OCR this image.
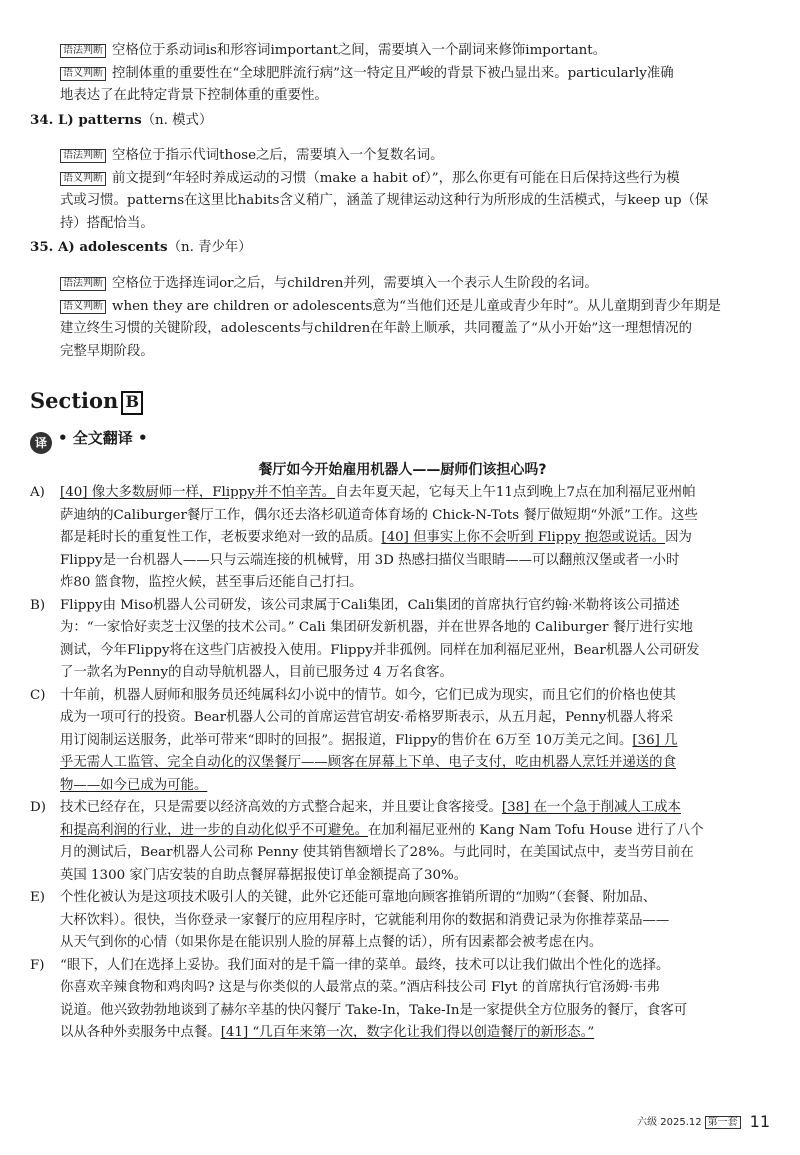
语法判断 空格位于系动词is和形容词important之间，需要填入一个副词来修饰important。

语义判断 控制体重的重要性在“全球肥胖流行病”这一特定且严峻的背景下被凸显出来。particularly准确

地表达了在此特定背景下控制体重的重要性。

34. L) patterns（n. 模式）

语法判断 空格位于指示代词those之后，需要填入一个复数名词。

语义判断 前文提到“年轻时养成运动的习惯（make a habit of）”，那么你更有可能在日后保持这些行为模

式或习惯。patterns在这里比habits含义稍广，涵盖了规律运动这种行为所形成的生活模式，与keep up（保

持）搭配恰当。

35. A) adolescents（n. 青少年）

语法判断 空格位于选择连词or之后，与children并列，需要填入一个表示人生阶段的名词。

语义判断 when they are children or adolescents意为“当他们还是儿童或青少年时”。从儿童期到青少年期是

建立终生习惯的关键阶段，adolescents与children在年龄上顺承，共同覆盖了“从小开始”这一理想情况的

完整早期阶段。

Section B
译 • 全文翻译 •
餐厅如今开始雇用机器人——厨师们该担心吗?
A)	[40] 像大多数厨师一样，Flippy并不怕辛苦。自去年夏天起，它每天上午11点到晚上7点在加利福尼亚州帕
萨迪纳的Caliburger餐厅工作，偶尔还去洛杉矶道奇体育场的 Chick-N-Tots 餐厅做短期“外派”工作。这些
都是耗时长的重复性工作，老板要求绝对一致的品质。[40] 但事实上你不会听到 Flippy 抱怨或说话。因为
Flippy是一台机器人——只与云端连接的机械臂，用 3D 热感扫描仪当眼睛——可以翻煎汉堡或者一小时
炸80 篮食物，监控火候，甚至事后还能自己打扫。
B)	Flippy由 Miso机器人公司研发，该公司隶属于Cali集团，Cali集团的首席执行官约翰·米勒将该公司描述
为：“一家恰好卖芝士汉堡的技术公司。” Cali 集团研发新机器，并在世界各地的 Caliburger 餐厅进行实地
测试，今年Flippy将在这些门店被投入使用。Flippy并非孤例。同样在加利福尼亚州，Bear机器人公司研发
了一款名为Penny的自动导航机器人，目前已服务过 4 万名食客。
C)	十年前，机器人厨师和服务员还纯属科幻小说中的情节。如今，它们已成为现实，而且它们的价格也使其
成为一项可行的投资。Bear机器人公司的首席运营官胡安·希格罗斯表示，从五月起，Penny机器人将采
用订阅制运送服务，此举可带来“即时的回报”。据报道，Flippy的售价在 6万至 10万美元之间。[36] 几
乎无需人工监管、完全自动化的汉堡餐厅——顾客在屏幕上下单、电子支付，吃由机器人烹饪并递送的食
物——如今已成为可能。
D)	技术已经存在，只是需要以经济高效的方式整合起来，并且要让食客接受。[38] 在一个急于削减人工成本
和提高利润的行业，进一步的自动化似乎不可避免。在加利福尼亚州的 Kang Nam Tofu House 进行了八个
月的测试后，Bear机器人公司称 Penny 使其销售额增长了28%。与此同时，在美国试点中，麦当劳目前在
英国 1300 家门店安装的自助点餐屏幕据报使订单金额提高了30%。
E)	个性化被认为是这项技术吸引人的关键，此外它还能可靠地向顾客推销所谓的“加购”（套餐、附加品、
大杯饮料）。很快，当你登录一家餐厅的应用程序时，它就能利用你的数据和消费记录为你推荐菜品——
从天气到你的心情（如果你是在能识别人脸的屏幕上点餐的话），所有因素都会被考虑在内。
F)	“眼下，人们在选择上妥协。我们面对的是千篇一律的菜单。最终，技术可以让我们做出个性化的选择。
你喜欢辛辣食物和鸡肉吗? 这是与你类似的人最常点的菜。”酒店科技公司 Flyt 的首席执行官汤姆·韦弗
说道。他兴致勃勃地谈到了赫尔辛基的快闪餐厅 Take-In，Take-In是一家提供全方位服务的餐厅，食客可
以从各种外卖服务中点餐。[41] “几百年来第一次，数字化让我们得以创造餐厅的新形态。”
六级 2025.12 第一套 11
